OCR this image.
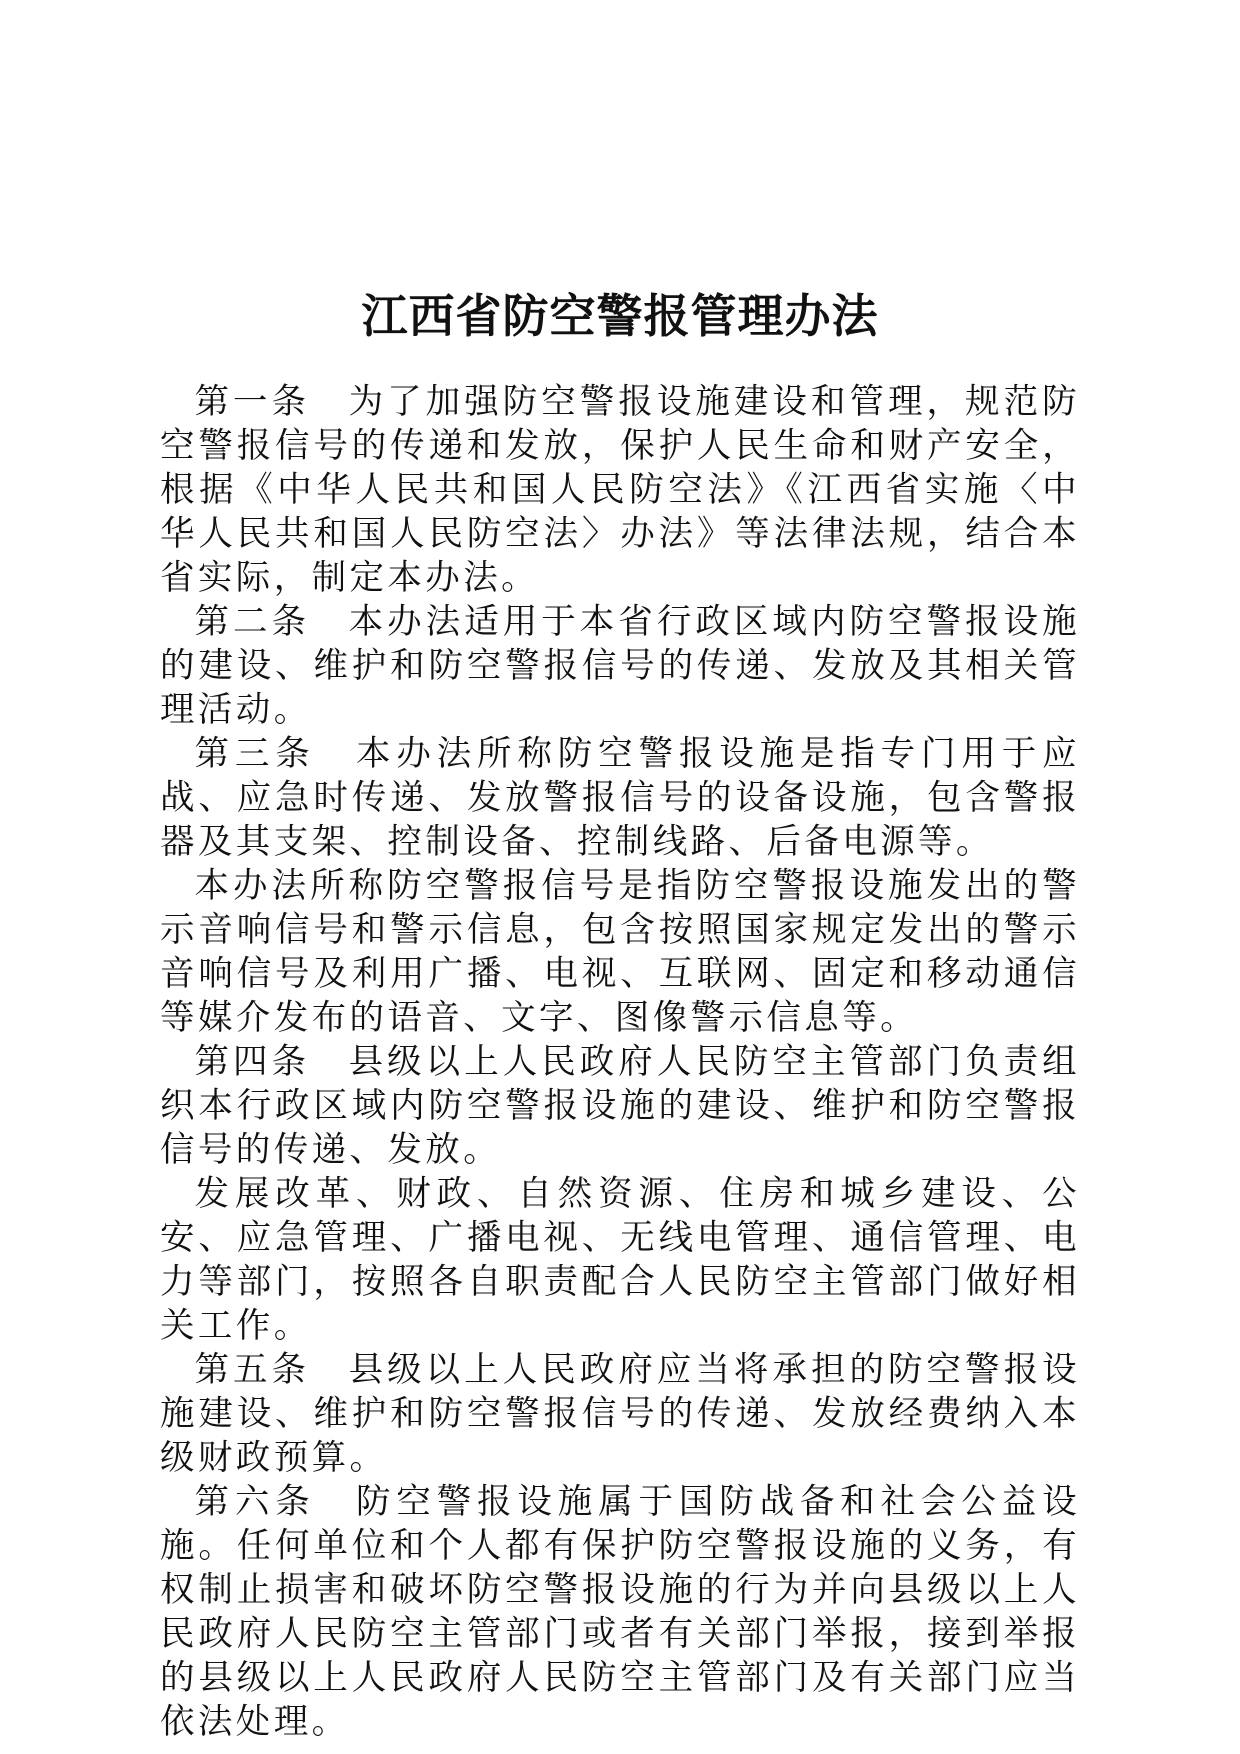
江西省防空警报管理办法

第一条　 为了加强防空警报设施建设和管理，规范防空警报信号的传递和发放，保护人民生命和财产安全，根据《中华人民共和国人民防空法》《江西省实施〈中华人民共和国人民防空法〉办法》等法律法规，结合本省实际，制定本办法。

第二条　 本办法适用于本省行政区域内防空警报设施的建设、维护和防空警报信号的传递、发放及其相关管理活动。

第三条　 本办法所称防空警报设施是指专门用于应战、应急时传递、发放警报信号的设备设施，包含警报器及其支架、控制设备、控制线路、后备电源等。

本办法所称防空警报信号是指防空警报设施发出的警示音响信号和警示信息，包含按照国家规定发出的警示音响信号及利用广播、电视、互联网、固定和移动通信等媒介发布的语音、文字、图像警示信息等。

第四条　 县级以上人民政府人民防空主管部门负责组织本行政区域内防空警报设施的建设、维护和防空警报信号的传递、发放。

发展改革、财政、自然资源、住房和城乡建设、公安、应急管理、广播电视、无线电管理、通信管理、电力等部门，按照各自职责配合人民防空主管部门做好相关工作。

第五条　 县级以上人民政府应当将承担的防空警报设施建设、维护和防空警报信号的传递、发放经费纳入本级财政预算。

第六条　 防空警报设施属于国防战备和社会公益设施。任何单位和个人都有保护防空警报设施的义务，有权制止损害和破坏防空警报设施的行为并向县级以上人民政府人民防空主管部门或者有关部门举报，接到举报的县级以上人民政府人民防空主管部门及有关部门应当依法处理。
